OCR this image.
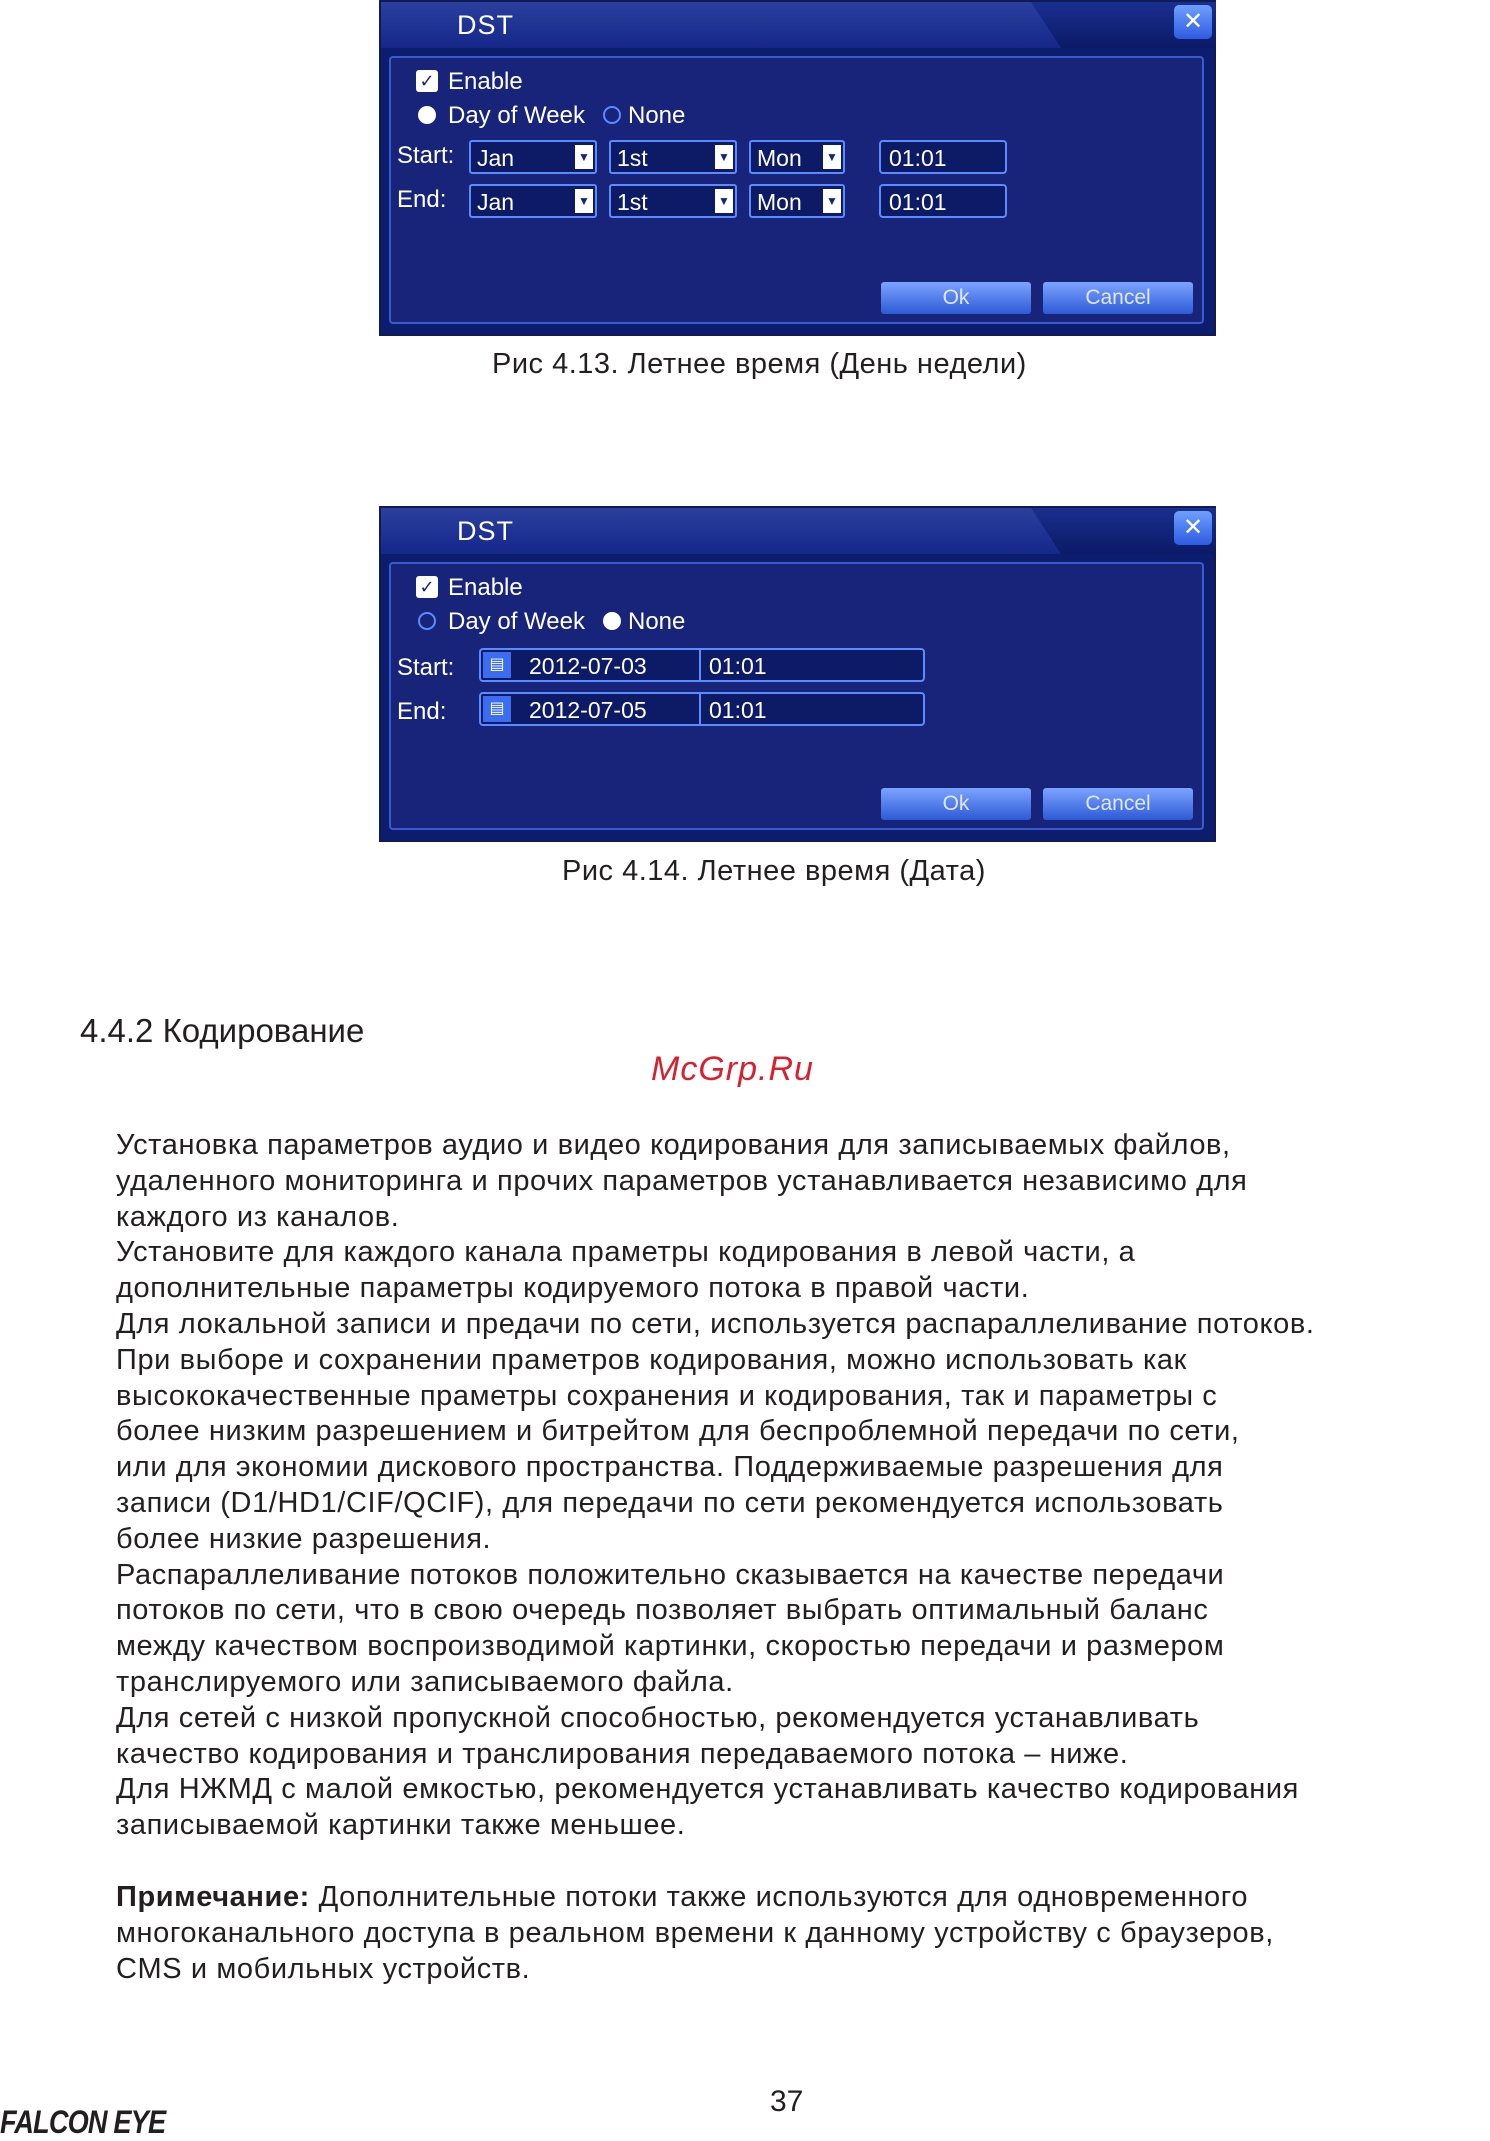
DST	✕
✓ Enable
Day of Week None
Start: Jan	▼ 1st	▼ Mon ▼ 01:01
End: Jan	▼ 1st	▼ Mon ▼ 01:01
Ok	Cancel
Рис 4.13. Летнее время (День недели)
DST	✕
✓ Enable
Day of Week None
Start:	▤ 2012-07-03	01:01
End:	▤ 2012-07-05	01:01
Ok	Cancel
Рис 4.14. Летнее время (Дата)
4.4.2 Кодирование
McGrp.Ru

Установка параметров аудио и видео кодирования для записываемых файлов,

удаленного мониторинга и прочих параметров устанавливается независимо для

каждого из каналов.

Установите для каждого канала праметры кодирования в левой части, а

дополнительные параметры кодируемого потока в правой части.

Для локальной записи и предачи по сети, используется распараллеливание потоков.

При выборе и сохранении праметров кодирования, можно использовать как

высококачественные праметры сохранения и кодирования, так и параметры с

более низким разрешением и битрейтом для беспроблемной передачи по сети,

или для экономии дискового пространства. Поддерживаемые разрешения для

записи (D1/HD1/CIF/QCIF), для передачи по сети рекомендуется использовать

более низкие разрешения.

Распараллеливание потоков положительно сказывается на качестве передачи

потоков по сети, что в свою очередь позволяет выбрать оптимальный баланс

между качеством воспроизводимой картинки, скоростью передачи и размером

транслируемого или записываемого файла.

Для сетей с низкой пропускной способностью, рекомендуется устанавливать

качество кодирования и транслирования передаваемого потока – ниже.

Для НЖМД с малой емкостью, рекомендуется устанавливать качество кодирования

записываемой картинки также меньшее.

Примечание: Дополнительные потоки также используются для одновременного

многоканального доступа в реальном времени к данному устройству с браузеров,

CMS и мобильных устройств.

37
FALCON EYE
